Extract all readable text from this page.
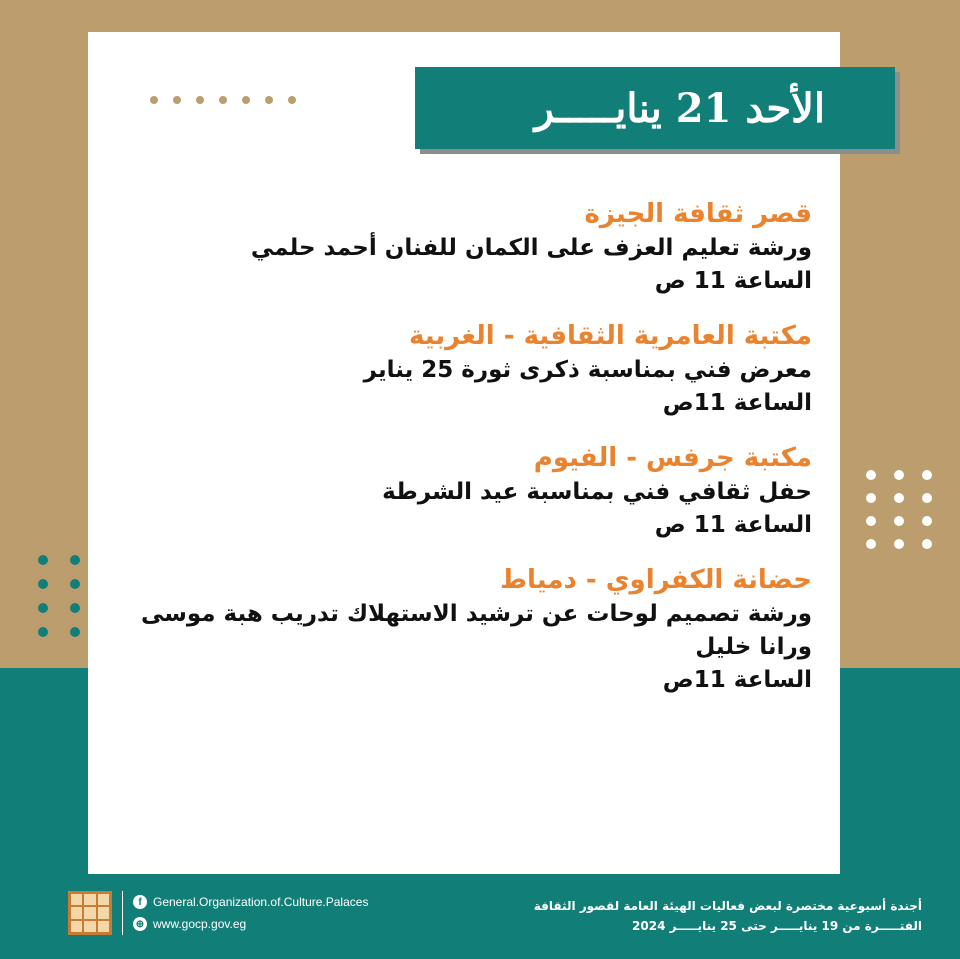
الأحد 21 ينايـــــر
قصر ثقافة الجيزة
ورشة تعليم العزف على الكمان للفنان أحمد حلمي
الساعة 11 ص
مكتبة العامرية الثقافية - الغربية
معرض فني بمناسبة ذكرى ثورة 25 يناير
الساعة 11ص
مكتبة جرفس - الفيوم
حفل ثقافي فني بمناسبة عيد الشرطة
الساعة 11 ص
حضانة الكفراوي - دمياط
ورشة تصميم لوحات عن ترشيد الاستهلاك تدريب هبة موسى
ورانا خليل
الساعة 11ص
f General.Organization.of.Culture.Palaces
⊕ www.gocp.gov.eg
أجندة أسبوعية مختصرة لبعض فعاليات الهيئة العامة لقصور الثقافة
الفتـــــرة من 19 ينايـــــر حتى 25 ينايـــــر 2024
